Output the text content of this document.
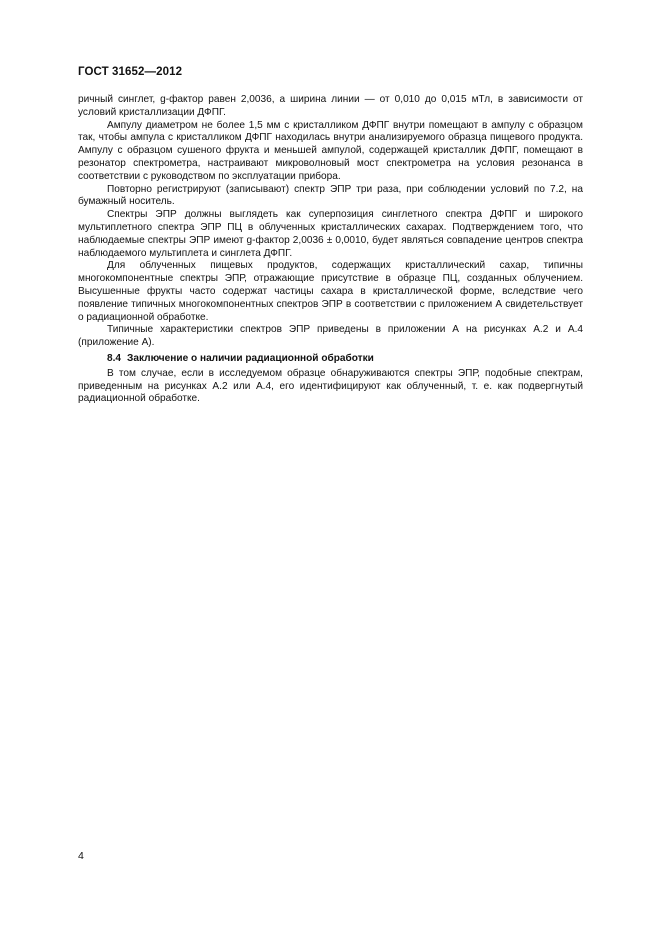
ГОСТ 31652—2012

ричный синглет, g-фактор равен 2,0036, а ширина линии — от 0,010 до 0,015 мТл, в зависимости от условий кристаллизации ДФПГ.

Ампулу диаметром не более 1,5 мм с кристалликом ДФПГ внутри помещают в ампулу с образцом так, чтобы ампула с кристалликом ДФПГ находилась внутри анализируемого образца пищевого продукта. Ампулу с образцом сушеного фрукта и меньшей ампулой, содержащей кристаллик ДФПГ, помещают в резонатор спектрометра, настраивают микроволновый мост спектрометра на условия резонанса в соответствии с руководством по эксплуатации прибора.

Повторно регистрируют (записывают) спектр ЭПР три раза, при соблюдении условий по 7.2, на бумажный носитель.

Спектры ЭПР должны выглядеть как суперпозиция синглетного спектра ДФПГ и широкого мультиплетного спектра ЭПР ПЦ в облученных кристаллических сахарах. Подтверждением того, что наблюдаемые спектры ЭПР имеют g-фактор 2,0036 ± 0,0010, будет являться совпадение центров спектра наблюдаемого мультиплета и синглета ДФПГ.

Для облученных пищевых продуктов, содержащих кристаллический сахар, типичны многокомпонентные спектры ЭПР, отражающие присутствие в образце ПЦ, созданных облучением. Высушенные фрукты часто содержат частицы сахара в кристаллической форме, вследствие чего появление типичных многокомпонентных спектров ЭПР в соответствии с приложением А свидетельствует о радиационной обработке.

Типичные характеристики спектров ЭПР приведены в приложении А на рисунках А.2 и А.4 (приложение А).

8.4 Заключение о наличии радиационной обработки

В том случае, если в исследуемом образце обнаруживаются спектры ЭПР, подобные спектрам, приведенным на рисунках А.2 или А.4, его идентифицируют как облученный, т. е. как подвергнутый радиационной обработке.

4
